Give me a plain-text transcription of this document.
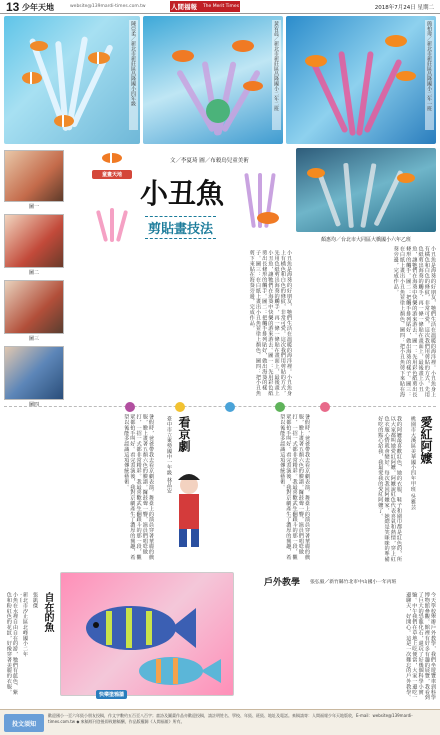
13 少年天地	website@139mardi-times.com.tw	人間福報 The Merit Times	2018年7月24日 星期二
陳亞柔／新北市新莊區昌隆國小四年級	黃宥晨／新北市新莊區昌隆國小二年二班	簡柏瑋／新北市新莊區昌隆國小二年一班
童畫天地
文／李夏琦 圖／布穀鳥兒童美術
小丑魚
剪貼畫技法
顏惠均／台北市大同區大橋國小六年乙班
圖一
圖二
圖三
圖四
小丑魚是海葵的好朋友，牠們生活在溫暖的海洋裡。小丑魚身上有橘色和白色的條紋，非常可愛。這次我們用剪貼的方式，先用色紙剪出海葵的觸手，再一條一條貼在畫面上，最後畫上小丑魚，讓牠們在海葵中快樂的游來游去。圖一：先用彩色紙剪出長條形的觸手。圖二：把觸手排列貼好，做出海葵的樣子。圖三：在白紙上畫出小丑魚並塗上顏色。圖四：把小丑魚剪下來貼在海葵旁邊，完成作品。	小丑魚是海葵的好朋友，牠們生活在溫暖的海洋裡。小丑魚身上有橘色和白色的條紋，非常可愛。這次我們用剪貼的方式，先用色紙剪出海葵的觸手，再一條一條貼在畫面上，最後畫上小丑魚，讓牠們在海葵中快樂的游來游去。圖一：先用彩色紙剪出長條形的觸手。圖二：把觸手排列貼好，做出海葵的樣子。圖三：在白紙上畫出小丑魚並塗上顏色。圖四：把小丑魚剪下來貼在海葵旁邊，完成作品。
看京劇
臺中市立東勢國中一年級 林品安
暑假時，爸爸帶我去看京劇表演。舞臺上的演員穿著華麗的戲服，臉上畫著五顏六色的臉譜。鑼鼓聲一響，演員們唱唸做打，一招一式都非常精彩。我最喜歡武生翻跟斗的那一段，觀眾都拍手叫好。看完表演後，我對京劇產生了濃厚的興趣，希望以後能多認識這項傳統藝術。	暑假時，爸爸帶我去看京劇表演。舞臺上的演員穿著華麗的戲服，臉上畫著五顏六色的臉譜。鑼鼓聲一響，演員們唱唸做打，一招一式都非常精彩。我最喜歡武生翻跟斗的那一段，觀眾都拍手叫好。看完表演後，我對京劇產生了濃厚的興趣，希望以後能多認識這項傳統藝術。	愛紅阿嬤
桃園市大溪區美華國小四年甲班 吳雅芸
我的阿嬤最喜歡紅色，她的衣服、鞋子和圍巾都是紅色的，所以大家都叫她愛紅阿嬤。阿嬤說紅色代表喜氣和熱情，穿上紅色衣服心情就會變好。每次我回阿嬤家，她總是笑咪咪的準備好吃的點心給我，我最愛我的愛紅阿嬤了。
戶外教學 張弘毅／新竹縣竹北市中山國小一年丙班
今天學校舉辦戶外教學，我們坐遊覽車到科學博物館參觀。館裡有好多有趣的展覽，我看到了巨大的恐龍化石，還玩了好幾個科學小實驗。中午我們在草地上吃便當，大家一邊吃一邊聊天，好開心。這是一次難忘的戶外教學。
自在的魚
張凱傑
新北市汐止區北峰國小二年
快樂塗鴉牆
小魚在水裡自由自在的游，牠們有藍色、紫色和粉紅色的花紋，好像穿著美麗的衣服。
投文須知
歡迎國小一至六年級小朋友投稿，作文字數約五百至八百字；童詩及圖畫作品亦歡迎投稿，請註明姓名、學校、年級、班級、地址及電話。來稿請寄：人間福報少年天地版收，E-mail：website@139mardi-times.com.tw ◆ 來稿經刊登後即致贈稿酬，作品版權歸《人間福報》所有。
